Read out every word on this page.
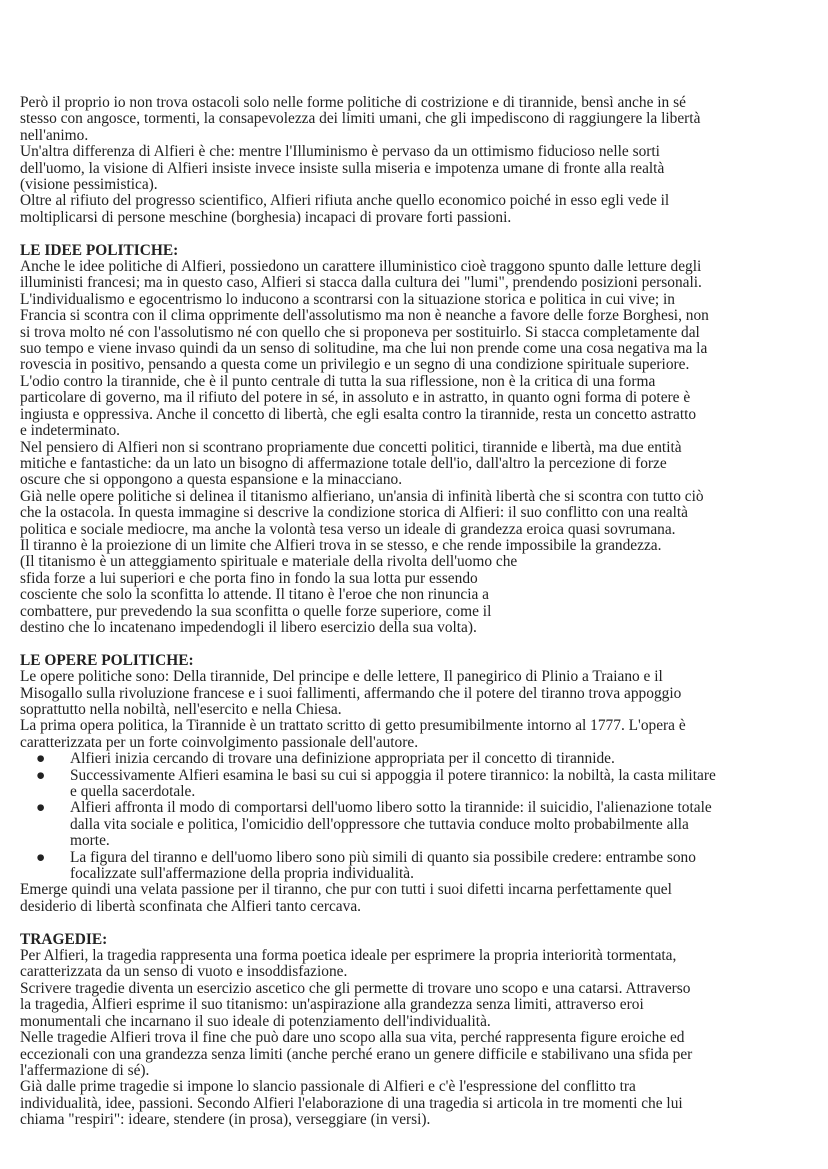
Però il proprio io non trova ostacoli solo nelle forme politiche di costrizione e di tirannide, bensì anche in sé
stesso con angosce, tormenti, la consapevolezza dei limiti umani, che gli impediscono di raggiungere la libertà
nell'animo.
Un'altra differenza di Alfieri è che: mentre l'Illuminismo è pervaso da un ottimismo fiducioso nelle sorti
dell'uomo, la visione di Alfieri insiste invece insiste sulla miseria e impotenza umane di fronte alla realtà
(visione pessimistica).
Oltre al rifiuto del progresso scientifico, Alfieri rifiuta anche quello economico poiché in esso egli vede il
moltiplicarsi di persone meschine (borghesia) incapaci di provare forti passioni.
LE IDEE POLITICHE:
Anche le idee politiche di Alfieri, possiedono un carattere illuministico cioè traggono spunto dalle letture degli
illuministi francesi; ma in questo caso, Alfieri si stacca dalla cultura dei "lumi", prendendo posizioni personali.
L'individualismo e egocentrismo lo inducono a scontrarsi con la situazione storica e politica in cui vive; in
Francia si scontra con il clima opprimente dell'assolutismo ma non è neanche a favore delle forze Borghesi, non
si trova molto né con l'assolutismo né con quello che si proponeva per sostituirlo. Si stacca completamente dal
suo tempo e viene invaso quindi da un senso di solitudine, ma che lui non prende come una cosa negativa ma la
rovescia in positivo, pensando a questa come un privilegio e un segno di una condizione spirituale superiore.
L'odio contro la tirannide, che è il punto centrale di tutta la sua riflessione, non è la critica di una forma
particolare di governo, ma il rifiuto del potere in sé, in assoluto e in astratto, in quanto ogni forma di potere è
ingiusta e oppressiva. Anche il concetto di libertà, che egli esalta contro la tirannide, resta un concetto astratto
e indeterminato.
Nel pensiero di Alfieri non si scontrano propriamente due concetti politici, tirannide e libertà, ma due entità
mitiche e fantastiche: da un lato un bisogno di affermazione totale dell'io, dall'altro la percezione di forze
oscure che si oppongono a questa espansione e la minacciano.
Già nelle opere politiche si delinea il titanismo alfieriano, un'ansia di infinità libertà che si scontra con tutto ciò
che la ostacola. In questa immagine si descrive la condizione storica di Alfieri: il suo conflitto con una realtà
politica e sociale mediocre, ma anche la volontà tesa verso un ideale di grandezza eroica quasi sovrumana.
Il tiranno è la proiezione di un limite che Alfieri trova in se stesso, e che rende impossibile la grandezza.
(Il titanismo è un atteggiamento spirituale e materiale della rivolta dell'uomo che
sfida forze a lui superiori e che porta fino in fondo la sua lotta pur essendo
cosciente che solo la sconfitta lo attende. Il titano è l'eroe che non rinuncia a
combattere, pur prevedendo la sua sconfitta o quelle forze superiore, come il
destino che lo incatenano impedendogli il libero esercizio della sua volta).
LE OPERE POLITICHE:
Le opere politiche sono: Della tirannide, Del principe e delle lettere, Il panegirico di Plinio a Traiano e il
Misogallo sulla rivoluzione francese e i suoi fallimenti, affermando che il potere del tiranno trova appoggio
soprattutto nella nobiltà, nell'esercito e nella Chiesa.
La prima opera politica, la Tirannide è un trattato scritto di getto presumibilmente intorno al 1777. L'opera è
caratterizzata per un forte coinvolgimento passionale dell'autore.
● Alfieri inizia cercando di trovare una definizione appropriata per il concetto di tirannide.
● Successivamente Alfieri esamina le basi su cui si appoggia il potere tirannico: la nobiltà, la casta militare
e quella sacerdotale.
● Alfieri affronta il modo di comportarsi dell'uomo libero sotto la tirannide: il suicidio, l'alienazione totale
dalla vita sociale e politica, l'omicidio dell'oppressore che tuttavia conduce molto probabilmente alla
morte.
● La figura del tiranno e dell'uomo libero sono più simili di quanto sia possibile credere: entrambe sono
focalizzate sull'affermazione della propria individualità.
Emerge quindi una velata passione per il tiranno, che pur con tutti i suoi difetti incarna perfettamente quel
desiderio di libertà sconfinata che Alfieri tanto cercava.
TRAGEDIE:
Per Alfieri, la tragedia rappresenta una forma poetica ideale per esprimere la propria interiorità tormentata,
caratterizzata da un senso di vuoto e insoddisfazione.
Scrivere tragedie diventa un esercizio ascetico che gli permette di trovare uno scopo e una catarsi. Attraverso
la tragedia, Alfieri esprime il suo titanismo: un'aspirazione alla grandezza senza limiti, attraverso eroi
monumentali che incarnano il suo ideale di potenziamento dell'individualità.
Nelle tragedie Alfieri trova il fine che può dare uno scopo alla sua vita, perché rappresenta figure eroiche ed
eccezionali con una grandezza senza limiti (anche perché erano un genere difficile e stabilivano una sfida per
l'affermazione di sé).
Già dalle prime tragedie si impone lo slancio passionale di Alfieri e c'è l'espressione del conflitto tra
individualità, idee, passioni. Secondo Alfieri l'elaborazione di una tragedia si articola in tre momenti che lui
chiama "respiri": ideare, stendere (in prosa), verseggiare (in versi).
